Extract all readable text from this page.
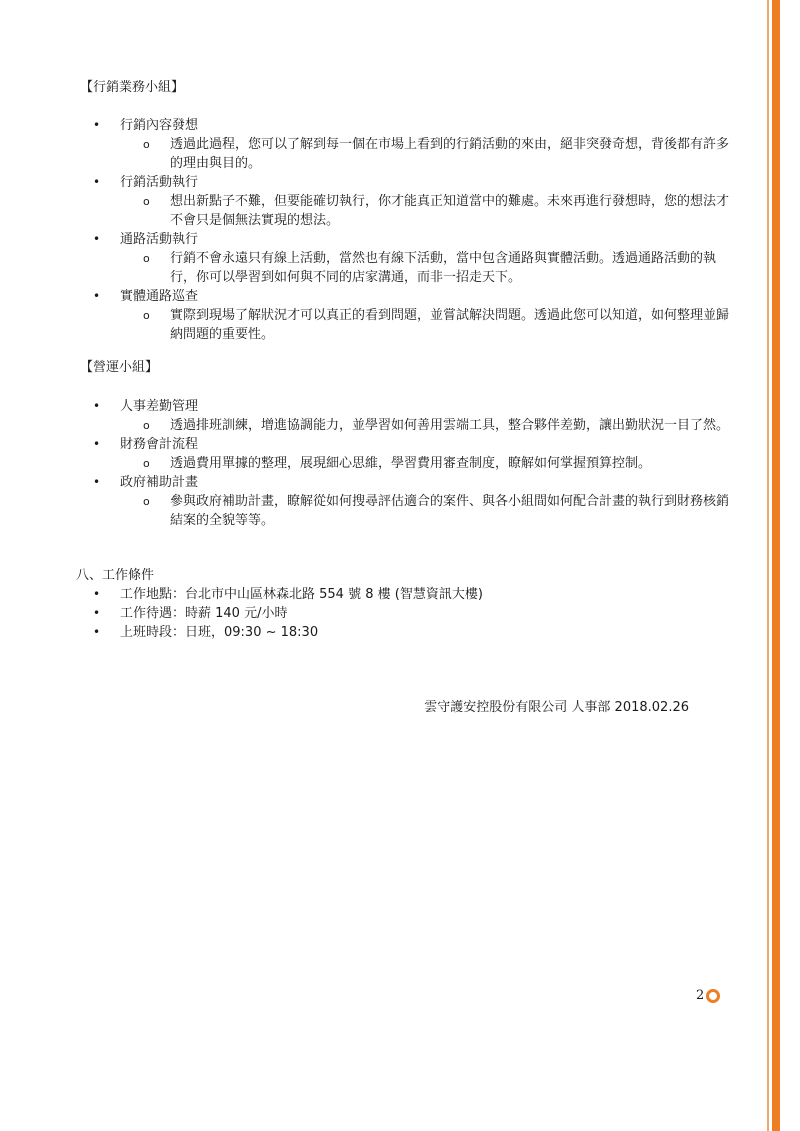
【行銷業務小組】
• 行銷內容發想
o 透過此過程，您可以了解到每一個在市場上看到的行銷活動的來由，絕非突發奇想，背後都有許多的理由與目的。
• 行銷活動執行
o 想出新點子不難，但要能確切執行，你才能真正知道當中的難處。未來再進行發想時，您的想法才不會只是個無法實現的想法。
• 通路活動執行
o 行銷不會永遠只有線上活動，當然也有線下活動，當中包含通路與實體活動。透過通路活動的執行，你可以學習到如何與不同的店家溝通，而非一招走天下。
• 實體通路巡查
o 實際到現場了解狀況才可以真正的看到問題，並嘗試解決問題。透過此您可以知道，如何整理並歸納問題的重要性。
【營運小組】
• 人事差勤管理
o 透過排班訓練，增進協調能力，並學習如何善用雲端工具，整合夥伴差勤，讓出勤狀況一目了然。
• 財務會計流程
o 透過費用單據的整理，展現細心思維，學習費用審查制度，瞭解如何掌握預算控制。
• 政府補助計畫
o 參與政府補助計畫，瞭解從如何搜尋評估適合的案件、與各小組間如何配合計畫的執行到財務核銷結案的全貌等等。
八、工作條件
• 工作地點：台北市中山區林森北路 554 號 8 樓 (智慧資訊大樓)
• 工作待遇：時薪 140 元/小時
• 上班時段：日班，09:30 ~ 18:30
雲守護安控股份有限公司 人事部 2018.02.26
2
